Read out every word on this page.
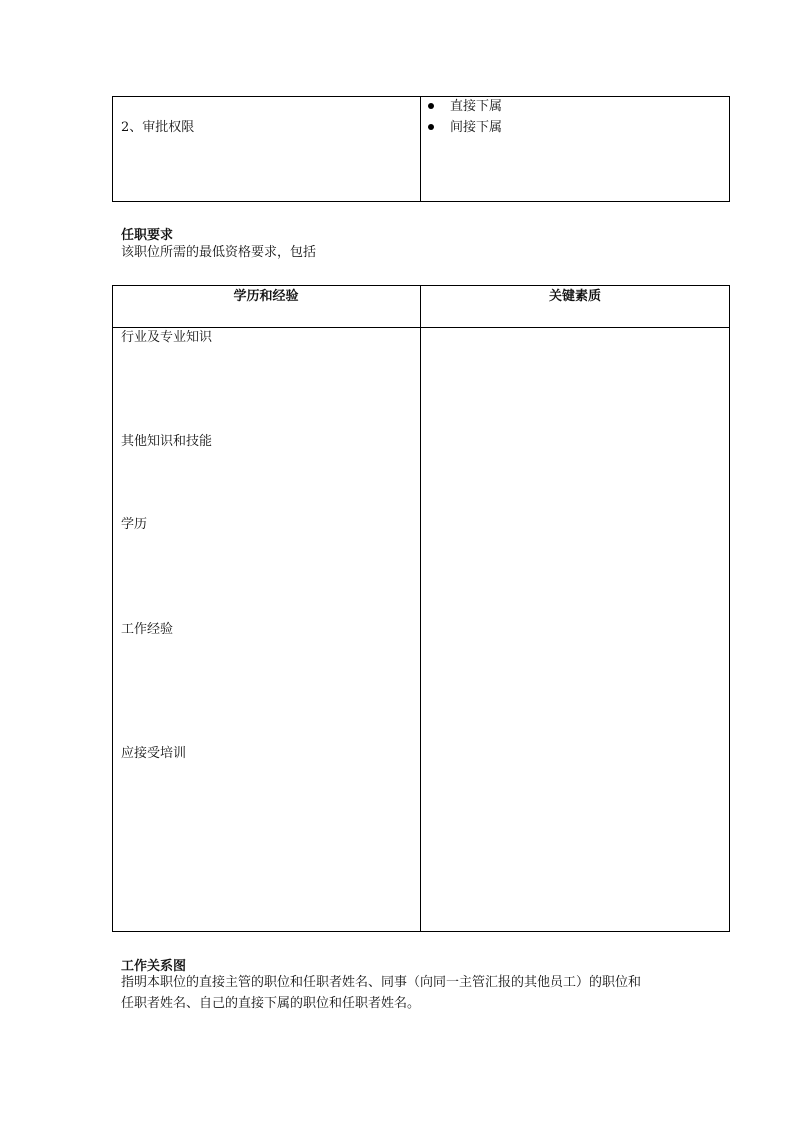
2、审批权限
直接下属
间接下属
任职要求
该职位所需的最低资格要求，包括
学历和经验	关键素质
行业及专业知识
其他知识和技能
学历
工作经验
应接受培训
工作关系图
指明本职位的直接主管的职位和任职者姓名、同事（向同一主管汇报的其他员工）的职位和
任职者姓名、自己的直接下属的职位和任职者姓名。
